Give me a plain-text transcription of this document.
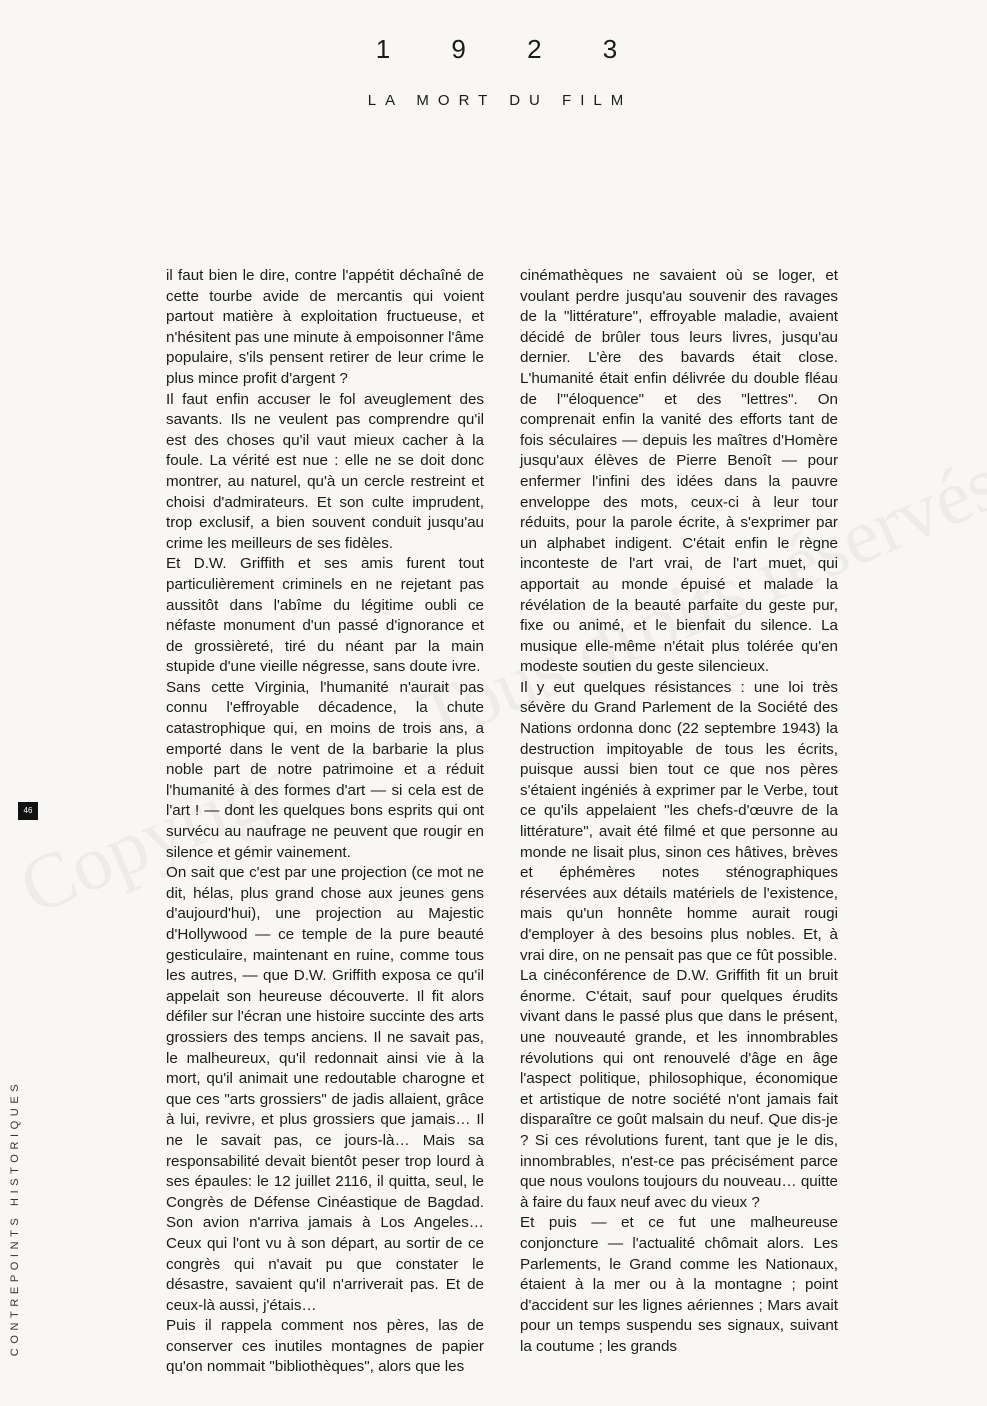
1 9 2 3
LA MORT DU FILM

il faut bien le dire, contre l'appétit déchaîné de cette tourbe avide de mercantis qui voient partout matière à exploitation fructueuse, et n'hésitent pas une minute à empoisonner l'âme populaire, s'ils pensent retirer de leur crime le plus mince profit d'argent ?

Il faut enfin accuser le fol aveuglement des savants. Ils ne veulent pas comprendre qu'il est des choses qu'il vaut mieux cacher à la foule. La vérité est nue : elle ne se doit donc montrer, au naturel, qu'à un cercle restreint et choisi d'admirateurs. Et son culte imprudent, trop exclusif, a bien souvent conduit jusqu'au crime les meilleurs de ses fidèles.

Et D.W. Griffith et ses amis furent tout particulièrement criminels en ne rejetant pas aussitôt dans l'abîme du légitime oubli ce néfaste monument d'un passé d'ignorance et de grossièreté, tiré du néant par la main stupide d'une vieille négresse, sans doute ivre.

Sans cette Virginia, l'humanité n'aurait pas connu l'effroyable décadence, la chute catastrophique qui, en moins de trois ans, a emporté dans le vent de la barbarie la plus noble part de notre patrimoine et a réduit l'humanité à des formes d'art — si cela est de l'art ! — dont les quelques bons esprits qui ont survécu au naufrage ne peuvent que rougir en silence et gémir vainement.

On sait que c'est par une projection (ce mot ne dit, hélas, plus grand chose aux jeunes gens d'aujourd'hui), une projection au Majestic d'Hollywood — ce temple de la pure beauté gesticulaire, maintenant en ruine, comme tous les autres, — que D.W. Griffith exposa ce qu'il appelait son heureuse découverte. Il fit alors défiler sur l'écran une histoire succinte des arts grossiers des temps anciens. Il ne savait pas, le malheureux, qu'il redonnait ainsi vie à la mort, qu'il animait une redoutable charogne et que ces "arts grossiers" de jadis allaient, grâce à lui, revivre, et plus grossiers que jamais… Il ne le savait pas, ce jours-là… Mais sa responsabilité devait bientôt peser trop lourd à ses épaules: le 12 juillet 2116, il quitta, seul, le Congrès de Défense Cinéastique de Bagdad. Son avion n'arriva jamais à Los Angeles… Ceux qui l'ont vu à son départ, au sortir de ce congrès qui n'avait pu que constater le désastre, savaient qu'il n'arriverait pas. Et de ceux-là aussi, j'étais…

Puis il rappela comment nos pères, las de conserver ces inutiles montagnes de papier qu'on nommait "bibliothèques", alors que les

cinémathèques ne savaient où se loger, et voulant perdre jusqu'au souvenir des ravages de la "littérature", effroyable maladie, avaient décidé de brûler tous leurs livres, jusqu'au dernier. L'ère des bavards était close. L'humanité était enfin délivrée du double fléau de l'"éloquence" et des "lettres". On comprenait enfin la vanité des efforts tant de fois séculaires — depuis les maîtres d'Homère jusqu'aux élèves de Pierre Benoît — pour enfermer l'infini des idées dans la pauvre enveloppe des mots, ceux-ci à leur tour réduits, pour la parole écrite, à s'exprimer par un alphabet indigent. C'était enfin le règne inconteste de l'art vrai, de l'art muet, qui apportait au monde épuisé et malade la révélation de la beauté parfaite du geste pur, fixe ou animé, et le bienfait du silence. La musique elle-même n'était plus tolérée qu'en modeste soutien du geste silencieux.

Il y eut quelques résistances : une loi très sévère du Grand Parlement de la Société des Nations ordonna donc (22 septembre 1943) la destruction impitoyable de tous les écrits, puisque aussi bien tout ce que nos pères s'étaient ingéniés à exprimer par le Verbe, tout ce qu'ils appelaient "les chefs-d'œuvre de la littérature", avait été filmé et que personne au monde ne lisait plus, sinon ces hâtives, brèves et éphémères notes sténographiques réservées aux détails matériels de l'existence, mais qu'un honnête homme aurait rougi d'employer à des besoins plus nobles. Et, à vrai dire, on ne pensait pas que ce fût possible.

La cinéconférence de D.W. Griffith fit un bruit énorme. C'était, sauf pour quelques érudits vivant dans le passé plus que dans le présent, une nouveauté grande, et les innombrables révolutions qui ont renouvelé d'âge en âge l'aspect politique, philosophique, économique et artistique de notre société n'ont jamais fait disparaître ce goût malsain du neuf. Que dis-je ? Si ces révolutions furent, tant que je le dis, innombrables, n'est-ce pas précisément parce que nous voulons toujours du nouveau… quitte à faire du faux neuf avec du vieux ?

Et puis — et ce fut une malheureuse conjoncture — l'actualité chômait alors. Les Parlements, le Grand comme les Nationaux, étaient à la mer ou à la montagne ; point d'accident sur les lignes aériennes ; Mars avait pour un temps suspendu ses signaux, suivant la coutume ; les grands

46
CONTREPOINTS HISTORIQUES
